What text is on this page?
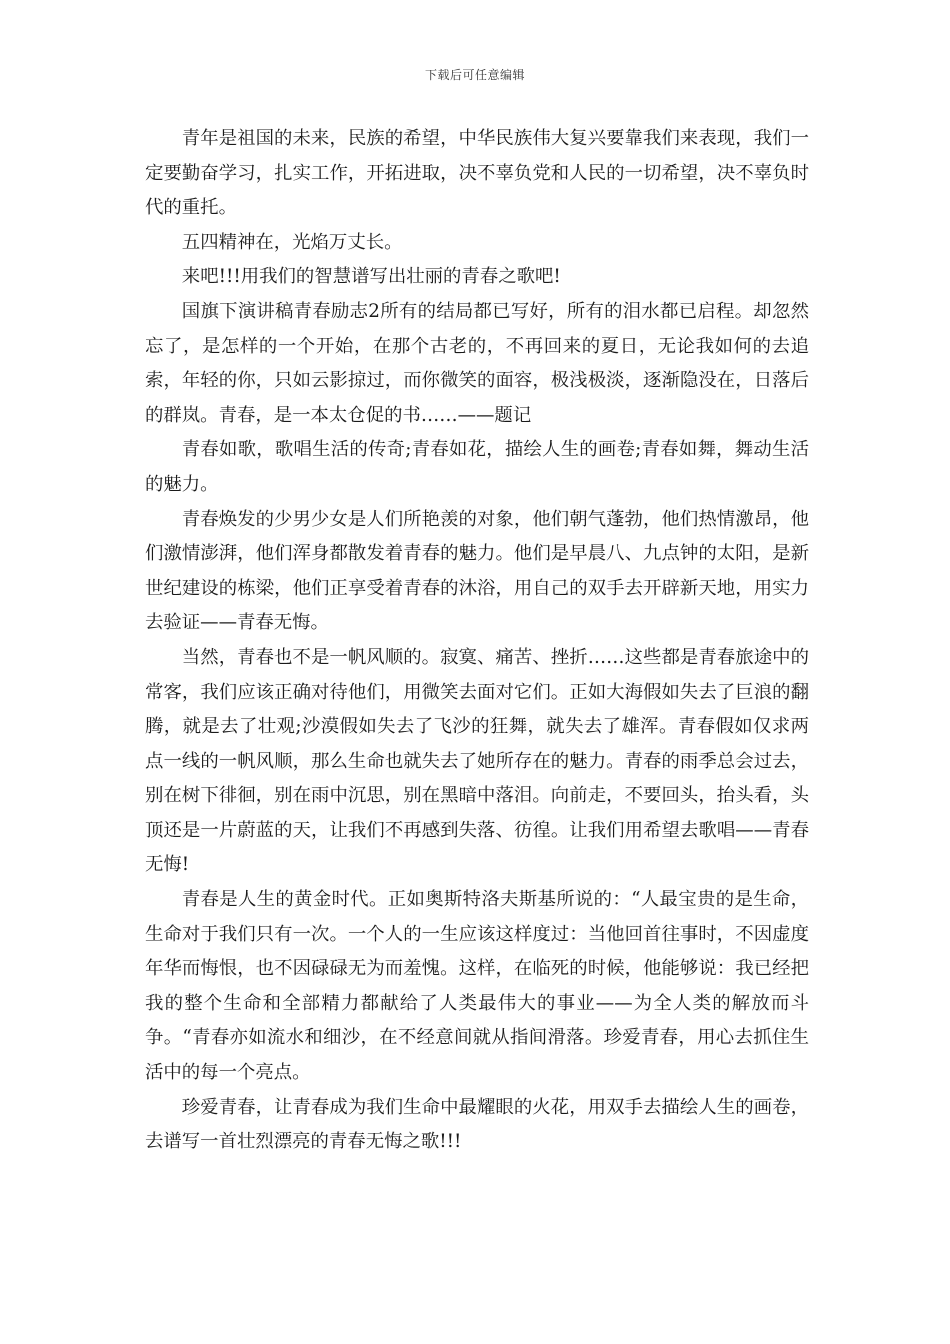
下载后可任意编辑

青年是祖国的未来，民族的希望，中华民族伟大复兴要靠我们来表现，我们一定要勤奋学习，扎实工作，开拓进取，决不辜负党和人民的一切希望，决不辜负时代的重托。

五四精神在，光焰万丈长。

来吧!!!用我们的智慧谱写出壮丽的青春之歌吧!

国旗下演讲稿青春励志2所有的结局都已写好，所有的泪水都已启程。却忽然忘了，是怎样的一个开始，在那个古老的，不再回来的夏日，无论我如何的去追索，年轻的你，只如云影掠过，而你微笑的面容，极浅极淡，逐渐隐没在，日落后的群岚。青春，是一本太仓促的书……——题记

青春如歌，歌唱生活的传奇;青春如花，描绘人生的画卷;青春如舞，舞动生活的魅力。

青春焕发的少男少女是人们所艳羡的对象，他们朝气蓬勃，他们热情激昂，他们激情澎湃，他们浑身都散发着青春的魅力。他们是早晨八、九点钟的太阳，是新世纪建设的栋梁，他们正享受着青春的沐浴，用自己的双手去开辟新天地，用实力去验证——青春无悔。

当然，青春也不是一帆风顺的。寂寞、痛苦、挫折……这些都是青春旅途中的常客，我们应该正确对待他们，用微笑去面对它们。正如大海假如失去了巨浪的翻腾，就是去了壮观;沙漠假如失去了飞沙的狂舞，就失去了雄浑。青春假如仅求两点一线的一帆风顺，那么生命也就失去了她所存在的魅力。青春的雨季总会过去，别在树下徘徊，别在雨中沉思，别在黑暗中落泪。向前走，不要回头，抬头看，头顶还是一片蔚蓝的天，让我们不再感到失落、彷徨。让我们用希望去歌唱——青春无悔!

青春是人生的黄金时代。正如奥斯特洛夫斯基所说的：“人最宝贵的是生命，生命对于我们只有一次。一个人的一生应该这样度过：当他回首往事时，不因虚度年华而悔恨，也不因碌碌无为而羞愧。这样，在临死的时候，他能够说：我已经把我的整个生命和全部精力都献给了人类最伟大的事业——为全人类的解放而斗争。“青春亦如流水和细沙，在不经意间就从指间滑落。珍爱青春，用心去抓住生活中的每一个亮点。

珍爱青春，让青春成为我们生命中最耀眼的火花，用双手去描绘人生的画卷，去谱写一首壮烈漂亮的青春无悔之歌!!!
